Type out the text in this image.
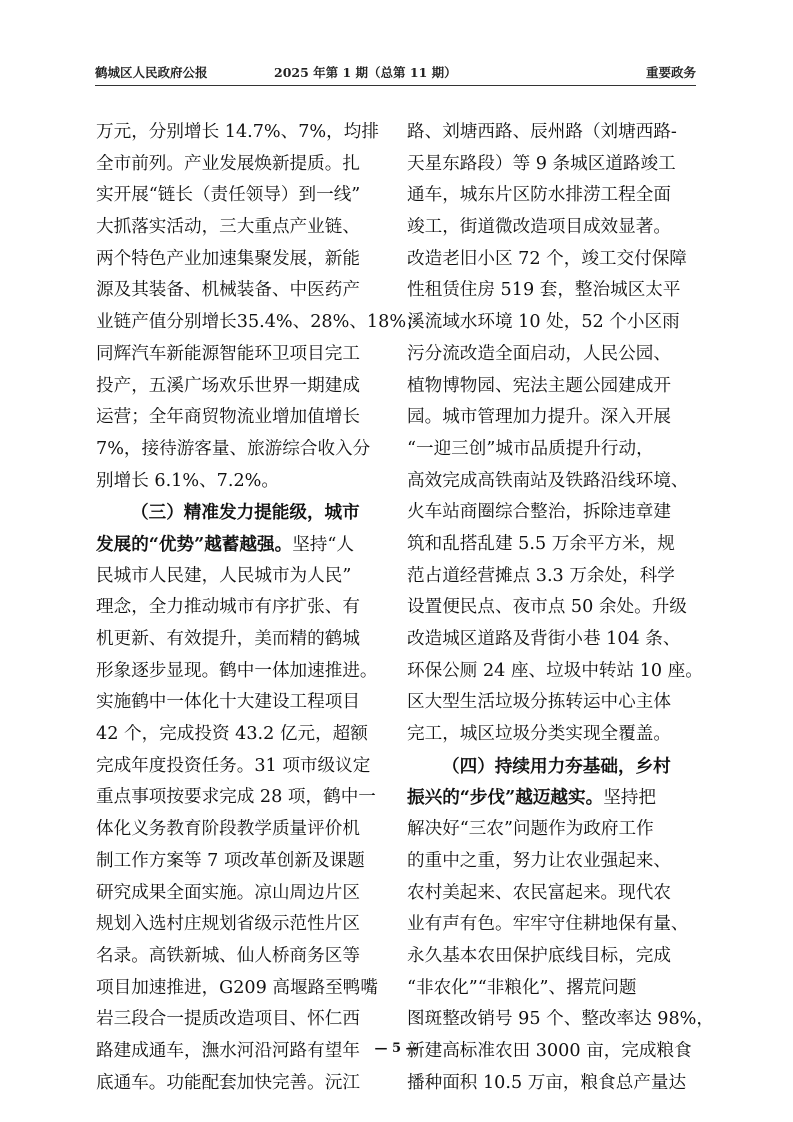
鹤城区人民政府公报	2025 年第 1 期（总第 11 期）	重要政务
万元，分别增长 14.7%、7%，均排
全市前列。产业发展焕新提质。扎
实开展“链长（责任领导）到一线”
大抓落实活动，三大重点产业链、
两个特色产业加速集聚发展，新能
源及其装备、机械装备、中医药产
业链产值分别增长35.4%、28%、18%；
同辉汽车新能源智能环卫项目完工
投产，五溪广场欢乐世界一期建成
运营；全年商贸物流业增加值增长
7%，接待游客量、旅游综合收入分
别增长 6.1%、7.2%。
（三）精准发力提能级，城市
发展的“优势”越蓄越强。坚持“人
民城市人民建，人民城市为人民”
理念，全力推动城市有序扩张、有
机更新、有效提升，美而精的鹤城
形象逐步显现。鹤中一体加速推进。
实施鹤中一体化十大建设工程项目
42 个，完成投资 43.2 亿元，超额
完成年度投资任务。31 项市级议定
重点事项按要求完成 28 项，鹤中一
体化义务教育阶段教学质量评价机
制工作方案等 7 项改革创新及课题
研究成果全面实施。凉山周边片区
规划入选村庄规划省级示范性片区
名录。高铁新城、仙人桥商务区等
项目加速推进，G209 高堰路至鸭嘴
岩三段合一提质改造项目、怀仁西
路建成通车，潕水河沿河路有望年
底通车。功能配套加快完善。沅江
路、刘塘西路、辰州路（刘塘西路-
天星东路段）等 9 条城区道路竣工
通车，城东片区防水排涝工程全面
竣工，街道微改造项目成效显著。
改造老旧小区 72 个，竣工交付保障
性租赁住房 519 套，整治城区太平
溪流域水环境 10 处，52 个小区雨
污分流改造全面启动，人民公园、
植物博物园、宪法主题公园建成开
园。城市管理加力提升。深入开展
“一迎三创”城市品质提升行动，
高效完成高铁南站及铁路沿线环境、
火车站商圈综合整治，拆除违章建
筑和乱搭乱建 5.5 万余平方米，规
范占道经营摊点 3.3 万余处，科学
设置便民点、夜市点 50 余处。升级
改造城区道路及背街小巷 104 条、
环保公厕 24 座、垃圾中转站 10 座。
区大型生活垃圾分拣转运中心主体
完工，城区垃圾分类实现全覆盖。
（四）持续用力夯基础，乡村
振兴的“步伐”越迈越实。坚持把
解决好“三农”问题作为政府工作
的重中之重，努力让农业强起来、
农村美起来、农民富起来。现代农
业有声有色。牢牢守住耕地保有量、
永久基本农田保护底线目标，完成
“非农化”“非粮化”、撂荒问题
图斑整改销号 95 个、整改率达 98%，
新建高标准农田 3000 亩，完成粮食
播种面积 10.5 万亩，粮食总产量达
— 5 —
